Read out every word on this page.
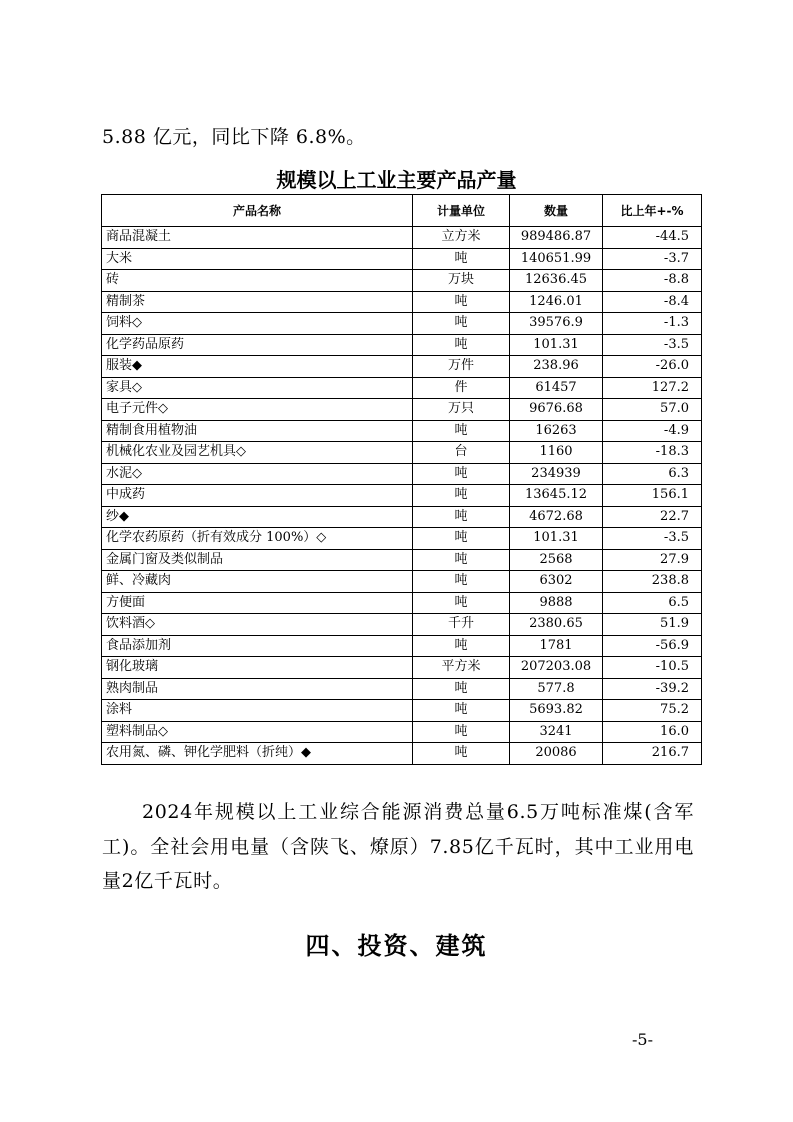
5.88 亿元，同比下降 6.8%。
规模以上工业主要产品产量
产品名称	计量单位	数量	比上年+-%
商品混凝土	立方米	989486.87	-44.5
大米	吨	140651.99	-3.7
砖	万块	12636.45	-8.8
精制茶	吨	1246.01	-8.4
饲料◇	吨	39576.9	-1.3
化学药品原药	吨	101.31	-3.5
服装◆	万件	238.96	-26.0
家具◇	件	61457	127.2
电子元件◇	万只	9676.68	57.0
精制食用植物油	吨	16263	-4.9
机械化农业及园艺机具◇	台	1160	-18.3
水泥◇	吨	234939	6.3
中成药	吨	13645.12	156.1
纱◆	吨	4672.68	22.7
化学农药原药（折有效成分 100%）◇	吨	101.31	-3.5
金属门窗及类似制品	吨	2568	27.9
鲜、冷藏肉	吨	6302	238.8
方便面	吨	9888	6.5
饮料酒◇	千升	2380.65	51.9
食品添加剂	吨	1781	-56.9
钢化玻璃	平方米	207203.08	-10.5
熟肉制品	吨	577.8	-39.2
涂料	吨	5693.82	75.2
塑料制品◇	吨	3241	16.0
农用氮、磷、钾化学肥料（折纯）◆	吨	20086	216.7
2024年规模以上工业综合能源消费总量6.5万吨标准煤(含军工)。全社会用电量（含陕飞、燎原）7.85亿千瓦时，其中工业用电量2亿千瓦时。
四、投资、建筑
-5-
